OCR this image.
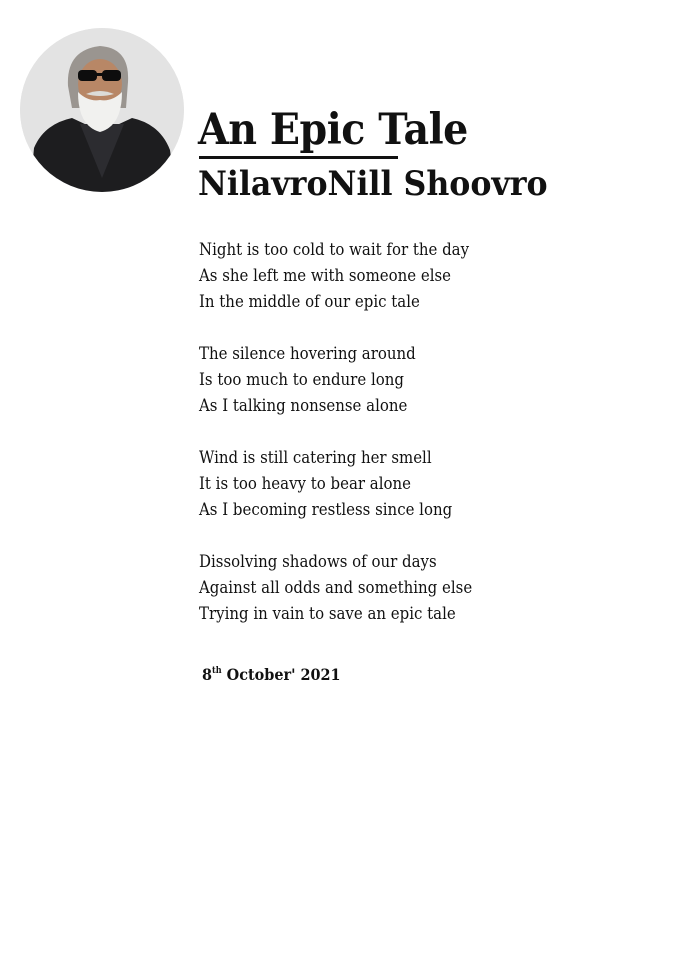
An Epic Tale
NilavroNill Shoovro

Night is too cold to wait for the day
As she left me with someone else
In the middle of our epic tale

The silence hovering around
Is too much to endure long
As I talking nonsense alone

Wind is still catering her smell
It is too heavy to bear alone
As I becoming restless since long

Dissolving shadows of our days
Against all odds and something else
Trying in vain to save an epic tale

8th October' 2021
